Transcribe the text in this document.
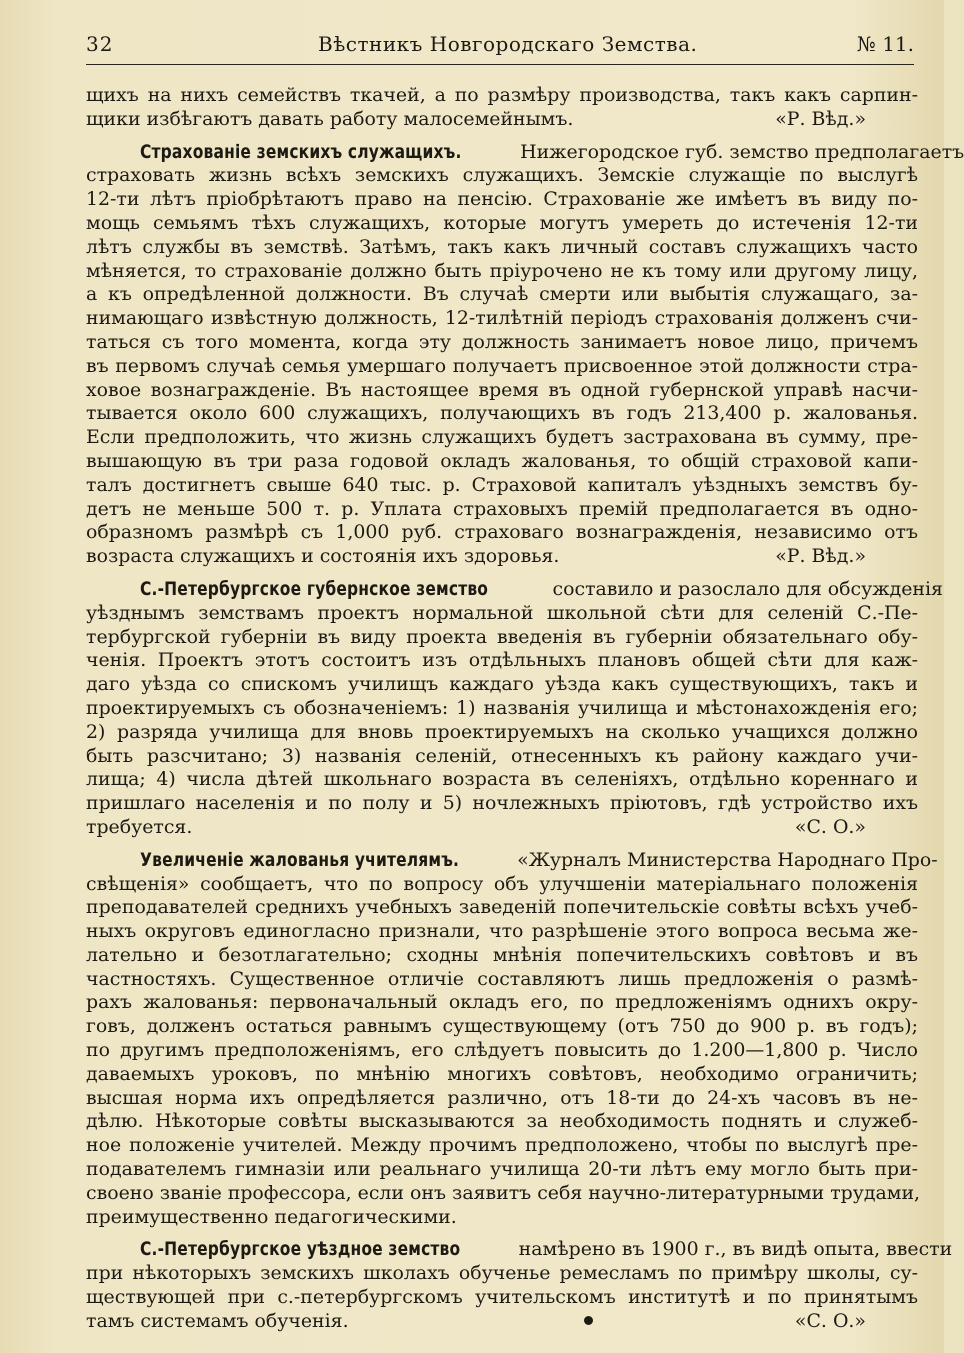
32	Вѣстникъ Новгородскаго Земства.	№ 11.
щихъ на нихъ семействъ ткачей, а по размѣру производства, такъ какъ сарпин-
щики избѣгаютъ давать работу малосемейнымъ.	«Р. Вѣд.»
Страхованіе земскихъ служащихъ.	Нижегородское губ. земство предполагаетъ
страховать жизнь всѣхъ земскихъ служащихъ. Земскіе служащіе по выслугѣ
12-ти лѣтъ пріобрѣтаютъ право на пенсію. Страхованіе же имѣетъ въ виду по-
мощь семьямъ тѣхъ служащихъ, которые могутъ умереть до истеченія 12-ти
лѣтъ службы въ земствѣ. Затѣмъ, такъ какъ личный составъ служащихъ часто
мѣняется, то страхованіе должно быть пріурочено не къ тому или другому лицу,
а къ опредѣленной должности. Въ случаѣ смерти или выбытія служащаго, за-
нимающаго извѣстную должность, 12-тилѣтній періодъ страхованія долженъ счи-
таться съ того момента, когда эту должность занимаетъ новое лицо, причемъ
въ первомъ случаѣ семья умершаго получаетъ присвоенное этой должности стра-
ховое вознагражденіе. Въ настоящее время въ одной губернской управѣ насчи-
тывается около 600 служащихъ, получающихъ въ годъ 213,400 р. жалованья.
Если предположить, что жизнь служащихъ будетъ застрахована въ сумму, пре-
вышающую въ три раза годовой окладъ жалованья, то общій страховой капи-
талъ достигнетъ свыше 640 тыс. р. Страховой капиталъ уѣздныхъ земствъ бу-
детъ не меньше 500 т. р. Уплата страховыхъ премій предполагается въ одно-
образномъ размѣрѣ съ 1,000 руб. страховаго вознагражденія, независимо отъ
возраста служащихъ и состоянія ихъ здоровья.	«Р. Вѣд.»
С.-Петербургское губернское земство	составило и разослало для обсужденія
уѣзднымъ земствамъ проектъ нормальной школьной сѣти для селеній С.-Пе-
тербургской губерніи въ виду проекта введенія въ губерніи обязательнаго обу-
ченія. Проектъ этотъ состоитъ изъ отдѣльныхъ плановъ общей сѣти для каж-
даго уѣзда со спискомъ училищъ каждаго уѣзда какъ существующихъ, такъ и
проектируемыхъ съ обозначеніемъ: 1) названія училища и мѣстонахожденія его;
2) разряда училища для вновь проектируемыхъ на сколько учащихся должно
быть разсчитано; 3) названія селеній, отнесенныхъ къ району каждаго учи-
лища; 4) числа дѣтей школьнаго возраста въ селеніяхъ, отдѣльно кореннаго и
пришлаго населенія и по полу и 5) ночлежныхъ пріютовъ, гдѣ устройство ихъ
требуется.	«С. О.»
Увеличеніе жалованья учителямъ.	«Журналъ Министерства Народнаго Про-
свѣщенія» сообщаетъ, что по вопросу объ улучшеніи матеріальнаго положенія
преподавателей среднихъ учебныхъ заведеній попечительскіе совѣты всѣхъ учеб-
ныхъ округовъ единогласно признали, что разрѣшеніе этого вопроса весьма же-
лательно и безотлагательно; сходны мнѣнія попечительскихъ совѣтовъ и въ
частностяхъ. Существенное отличіе составляютъ лишь предложенія о размѣ-
рахъ жалованья: первоначальный окладъ его, по предложеніямъ однихъ окру-
говъ, долженъ остаться равнымъ существующему (отъ 750 до 900 р. въ годъ);
по другимъ предположеніямъ, его слѣдуетъ повысить до 1.200—1,800 р. Число
даваемыхъ уроковъ, по мнѣнію многихъ совѣтовъ, необходимо ограничить;
высшая норма ихъ опредѣляется различно, отъ 18-ти до 24-хъ часовъ въ не-
дѣлю. Нѣкоторые совѣты высказываются за необходимость поднять и служеб-
ное положеніе учителей. Между прочимъ предположено, чтобы по выслугѣ пре-
подавателемъ гимназіи или реальнаго училища 20-ти лѣтъ ему могло быть при-
своено званіе профессора, если онъ заявитъ себя научно-литературными трудами,
преимущественно педагогическими.
С.-Петербургское уѣздное земство	намѣрено въ 1900 г., въ видѣ опыта, ввести
при нѣкоторыхъ земскихъ школахъ обученье ремесламъ по примѣру школы, су-
ществующей при с.-петербургскомъ учительскомъ институтѣ и по принятымъ
тамъ системамъ обученія.	«С. О.»
